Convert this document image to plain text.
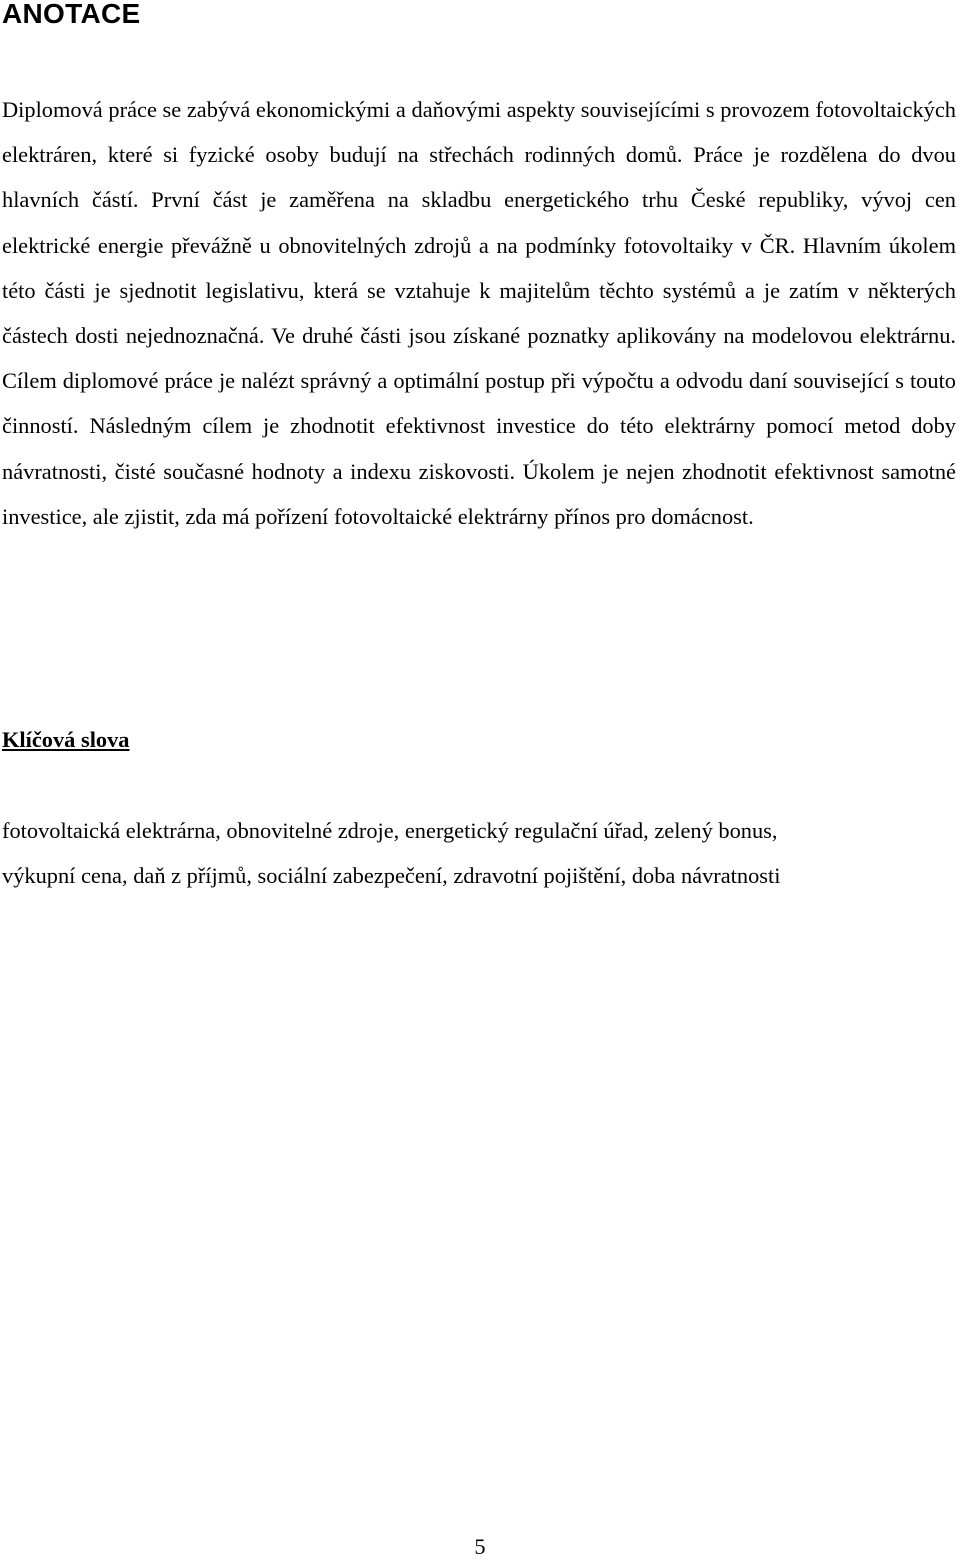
ANOTACE

Diplomová práce se zabývá ekonomickými a daňovými aspekty souvisejícími s provozem fotovoltaických elektráren, které si fyzické osoby budují na střechách rodinných domů. Práce je rozdělena do dvou hlavních částí. První část je zaměřena na skladbu energetického trhu České republiky, vývoj cen elektrické energie převážně u obnovitelných zdrojů a na podmínky fotovoltaiky v ČR. Hlavním úkolem této části je sjednotit legislativu, která se vztahuje k majitelům těchto systémů a je zatím v některých částech dosti nejednoznačná. Ve druhé části jsou získané poznatky aplikovány na modelovou elektrárnu. Cílem diplomové práce je nalézt správný a optimální postup při výpočtu a odvodu daní související s touto činností. Následným cílem je zhodnotit efektivnost investice do této elektrárny pomocí metod doby návratnosti, čisté současné hodnoty a indexu ziskovosti. Úkolem je nejen zhodnotit efektivnost samotné investice, ale zjistit, zda má pořízení fotovoltaické elektrárny přínos pro domácnost.

Klíčová slova

fotovoltaická elektrárna, obnovitelné zdroje, energetický regulační úřad, zelený bonus,
výkupní cena, daň z příjmů, sociální zabezpečení, zdravotní pojištění, doba návratnosti

5
